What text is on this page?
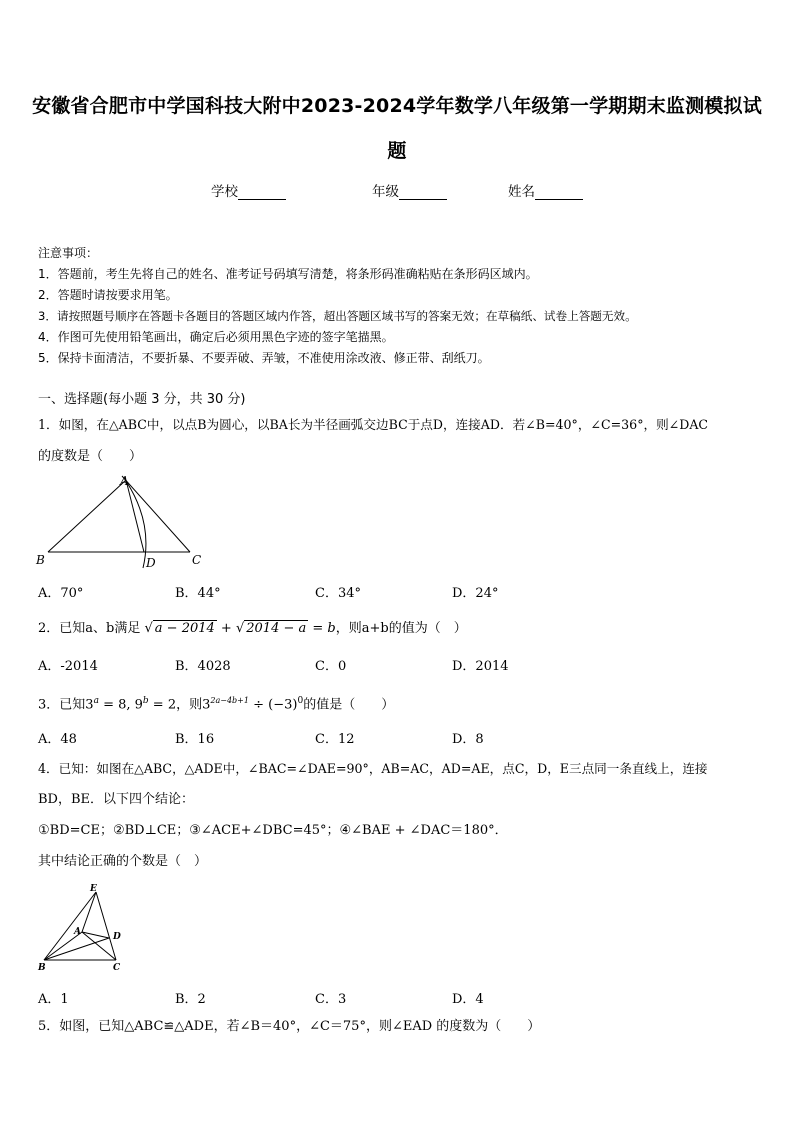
安徽省合肥市中学国科技大附中2023-2024学年数学八年级第一学期期末监测模拟试
题
学校	年级	姓名

注意事项：

1．答题前，考生先将自己的姓名、准考证号码填写清楚，将条形码准确粘贴在条形码区域内。

2．答题时请按要求用笔。

3．请按照题号顺序在答题卡各题目的答题区域内作答，超出答题区域书写的答案无效；在草稿纸、试卷上答题无效。

4．作图可先使用铅笔画出，确定后必须用黑色字迹的签字笔描黑。

5．保持卡面清洁，不要折暴、不要弄破、弄皱，不准使用涂改液、修正带、刮纸刀。

一、选择题(每小题 3 分，共 30 分)
1．如图，在△ABC中，以点B为圆心，以BA长为半径画弧交边BC于点D，连接AD．若∠B=40°，∠C=36°，则∠DAC
的度数是（　　）
A
B	C
D
A．70°	B．44°	C．34°	D．24°
2．已知a、b满足 √ a − 2014 + √ 2014 − a = b，则a+b的值为（　）
A．-2014	B．4028	C．0	D．2014
3．已知$3^a = 8$, $9^b = 2$，则$3^{2a-4b+1} \div (-3)^0$的值是（　　）
A．48	B．16	C．12	D．8
4．已知：如图在△ABC，△ADE中，∠BAC=∠DAE=90°，AB=AC，AD=AE，点C，D，E三点同一条直线上，连接
BD，BE．以下四个结论：
①BD=CE；②BD⊥CE；③∠ACE+∠DBC=45°；④∠BAE + ∠DAC＝180°．
其中结论正确的个数是（　）
E
A	D
B	C
A．1	B．2	C．3	D．4
5．如图，已知△ABC≌△ADE，若∠B＝40°，∠C＝75°，则∠EAD 的度数为（　　）
